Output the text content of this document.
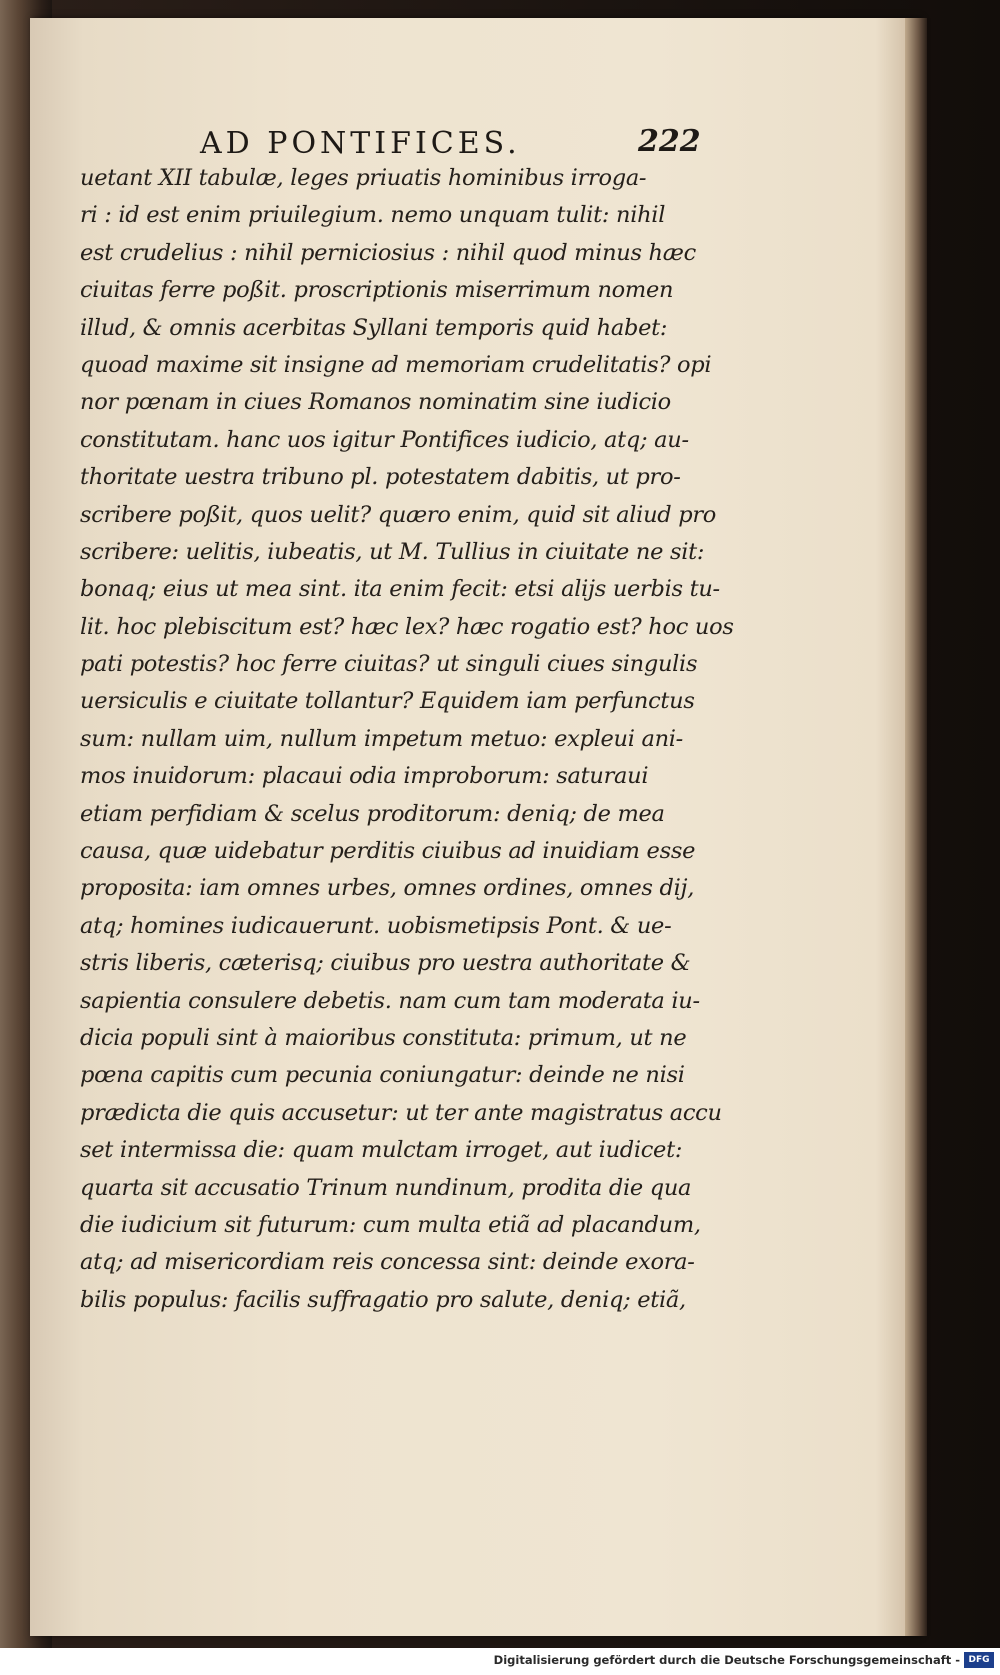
AD PONTIFICES.	222
uetant XII tabulæ, leges priuatis hominibus irroga-
ri : id est enim priuilegium. nemo unquam tulit: nihil
est crudelius : nihil perniciosius : nihil quod minus hæc
ciuitas ferre poßit. proscriptionis miserrimum nomen
illud, & omnis acerbitas Syllani temporis quid habet:
quoad maxime sit insigne ad memoriam crudelitatis? opi
nor pœnam in ciues Romanos nominatim sine iudicio
constitutam. hanc uos igitur Pontifices iudicio, atq; au-
thoritate uestra tribuno pl. potestatem dabitis, ut pro-
scribere poßit, quos uelit? quæro enim, quid sit aliud pro
scribere: uelitis, iubeatis, ut M. Tullius in ciuitate ne sit:
bonaq; eius ut mea sint. ita enim fecit: etsi alijs uerbis tu-
lit. hoc plebiscitum est? hæc lex? hæc rogatio est? hoc uos
pati potestis? hoc ferre ciuitas? ut singuli ciues singulis
uersiculis e ciuitate tollantur? Equidem iam perfunctus
sum: nullam uim, nullum impetum metuo: expleui ani-
mos inuidorum: placaui odia improborum: saturaui
etiam perfidiam & scelus proditorum: deniq; de mea
causa, quæ uidebatur perditis ciuibus ad inuidiam esse
proposita: iam omnes urbes, omnes ordines, omnes dij,
atq; homines iudicauerunt. uobismetipsis Pont. & ue-
stris liberis, cæterisq; ciuibus pro uestra authoritate &
sapientia consulere debetis. nam cum tam moderata iu-
dicia populi sint à maioribus constituta: primum, ut ne
pœna capitis cum pecunia coniungatur: deinde ne nisi
prædicta die quis accusetur: ut ter ante magistratus accu
set intermissa die: quam mulctam irroget, aut iudicet:
quarta sit accusatio Trinum nundinum, prodita die qua
die iudicium sit futurum: cum multa etiã ad placandum,
atq; ad misericordiam reis concessa sint: deinde exora-
bilis populus: facilis suffragatio pro salute, deniq; etiã,
Digitalisierung gefördert durch die Deutsche Forschungsgemeinschaft - DFG
